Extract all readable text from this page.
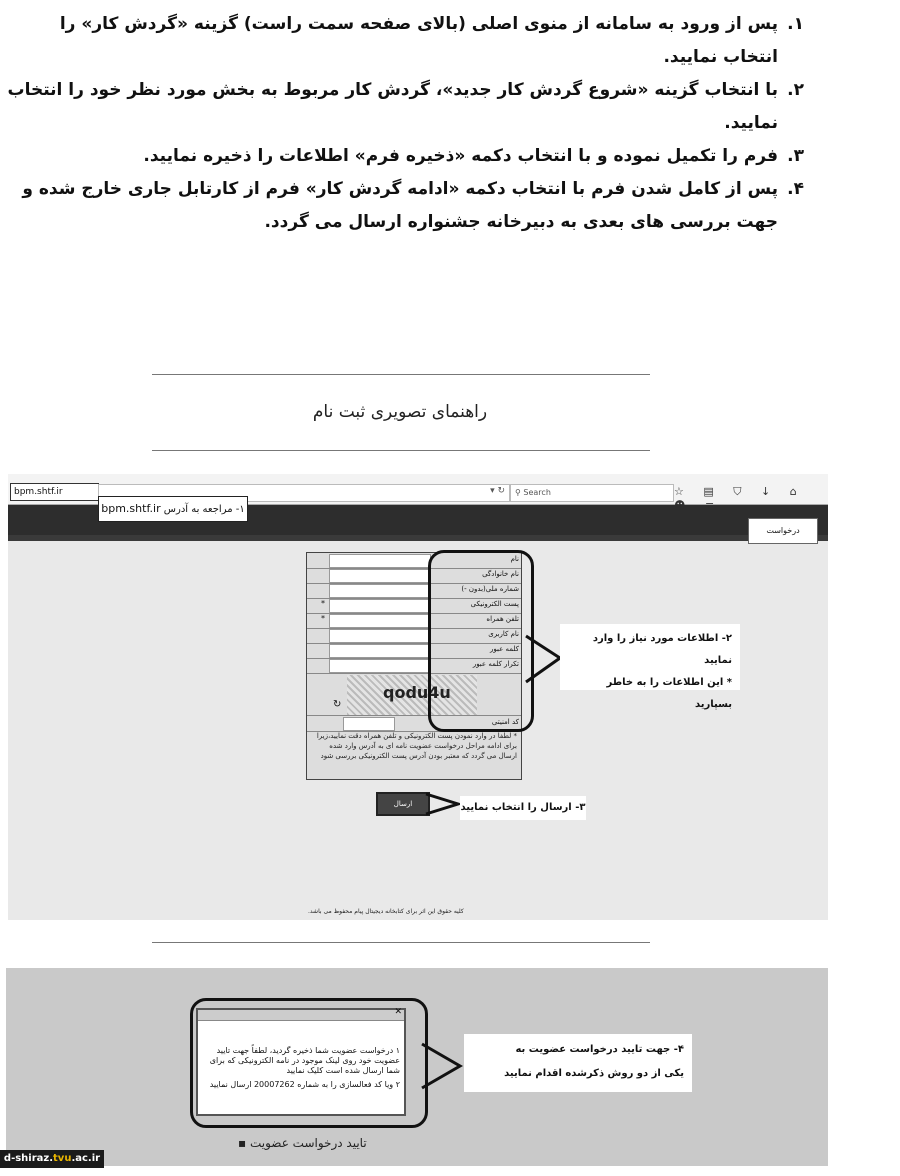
۱.
پس از ورود به سامانه از منوی اصلی (بالای صفحه سمت راست) گزینه «گردش کار» را انتخاب نمایید.
۲.
با انتخاب گزینه «شروع گردش کار جدید»، گردش کار مربوط به بخش مورد نظر خود را انتخاب نمایید.
۳.
فرم را تکمیل نموده و با انتخاب دکمه «ذخیره فرم» اطلاعات را ذخیره نمایید.
۴.
پس از کامل شدن فرم با انتخاب دکمه «ادامه گردش کار» فرم از کارتابل جاری خارج شده و جهت بررسی های بعدی به دبیرخانه جشنواره ارسال می گردد.
راهنمای تصویری ثبت نام
bpm.shtf.ir	▾ ↻	⚲ Search	☆ ▤ ⛉ ↓ ⌂
درخواست
۱- مراجعه به آدرس bpm.shtf.ir
نام
نام خانوادگی
شماره ملی(بدون -)
پست الکترونیکی
*
تلفن همراه
*
نام کاربری
کلمه عبور
تکرار کلمه عبور
qodu4u
↻
کد امنیتی
* لطفا در وارد نمودن پست الکترونیکی و تلفن همراه دقت نمایید،زیرا برای ادامه مراحل درخواست عضویت نامه ای به آدرس وارد شده ارسال می گردد که معتبر بودن آدرس پست الکترونیکی بررسی شود
۲- اطلاعات مورد نیاز را وارد نمایید
* این اطلاعات را به خاطر بسپارید
ارسال	۳- ارسال را انتخاب نمایید
کلیه حقوق این اثر برای کتابخانه دیجیتال پیام محفوظ می باشد.
✕
۱ درخواست عضویت شما ذخیره گردید، لطفاً جهت تایید عضویت خود روی لینک موجود در نامه الکترونیکی که برای شما ارسال شده است کلیک نمایید
۲ ویا کد فعالسازی را به شماره 20007262 ارسال نمایید
۴- جهت تایید درخواست عضویت به
یکی از دو روش ذکرشده اقدام نمایید
تایید درخواست عضویت ▪
d-shiraz.tvu.ac.ir
